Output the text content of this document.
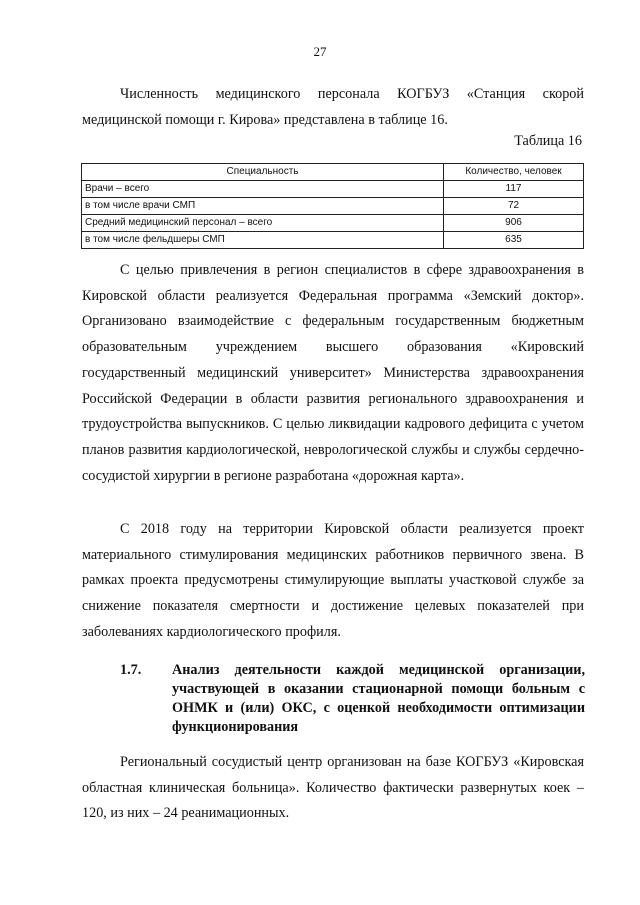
27

Численность медицинского персонала КОГБУЗ «Станция скорой медицинской помощи г. Кирова» представлена в таблице 16.

Таблица 16
Специальность	Количество, человек
Врачи – всего	117
в том числе врачи СМП	72
Средний медицинский персонал – всего	906
в том числе фельдшеры СМП	635

С целью привлечения в регион специалистов в сфере здравоохранения в Кировской области реализуется Федеральная программа «Земский доктор». Организовано взаимодействие с федеральным государственным бюджетным образовательным учреждением высшего образования «Кировский государственный медицинский университет» Министерства здравоохранения Российской Федерации в области развития регионального здравоохранения и трудоустройства выпускников. С целью ликвидации кадрового дефицита с учетом планов развития кардиологической, неврологической службы и службы сердечно-сосудистой хирургии в регионе разработана «дорожная карта».

С 2018 году на территории Кировской области реализуется проект материального стимулирования медицинских работников первичного звена. В рамках проекта предусмотрены стимулирующие выплаты участковой службе за снижение показателя смертности и достижение целевых показателей при заболеваниях кардиологического профиля.

1.7. Анализ деятельности каждой медицинской организации, участвующей в оказании стационарной помощи больным с ОНМК и (или) ОКС, с оценкой необходимости оптимизации функционирования

Региональный сосудистый центр организован на базе КОГБУЗ «Кировская областная клиническая больница». Количество фактически развернутых коек – 120, из них – 24 реанимационных.
